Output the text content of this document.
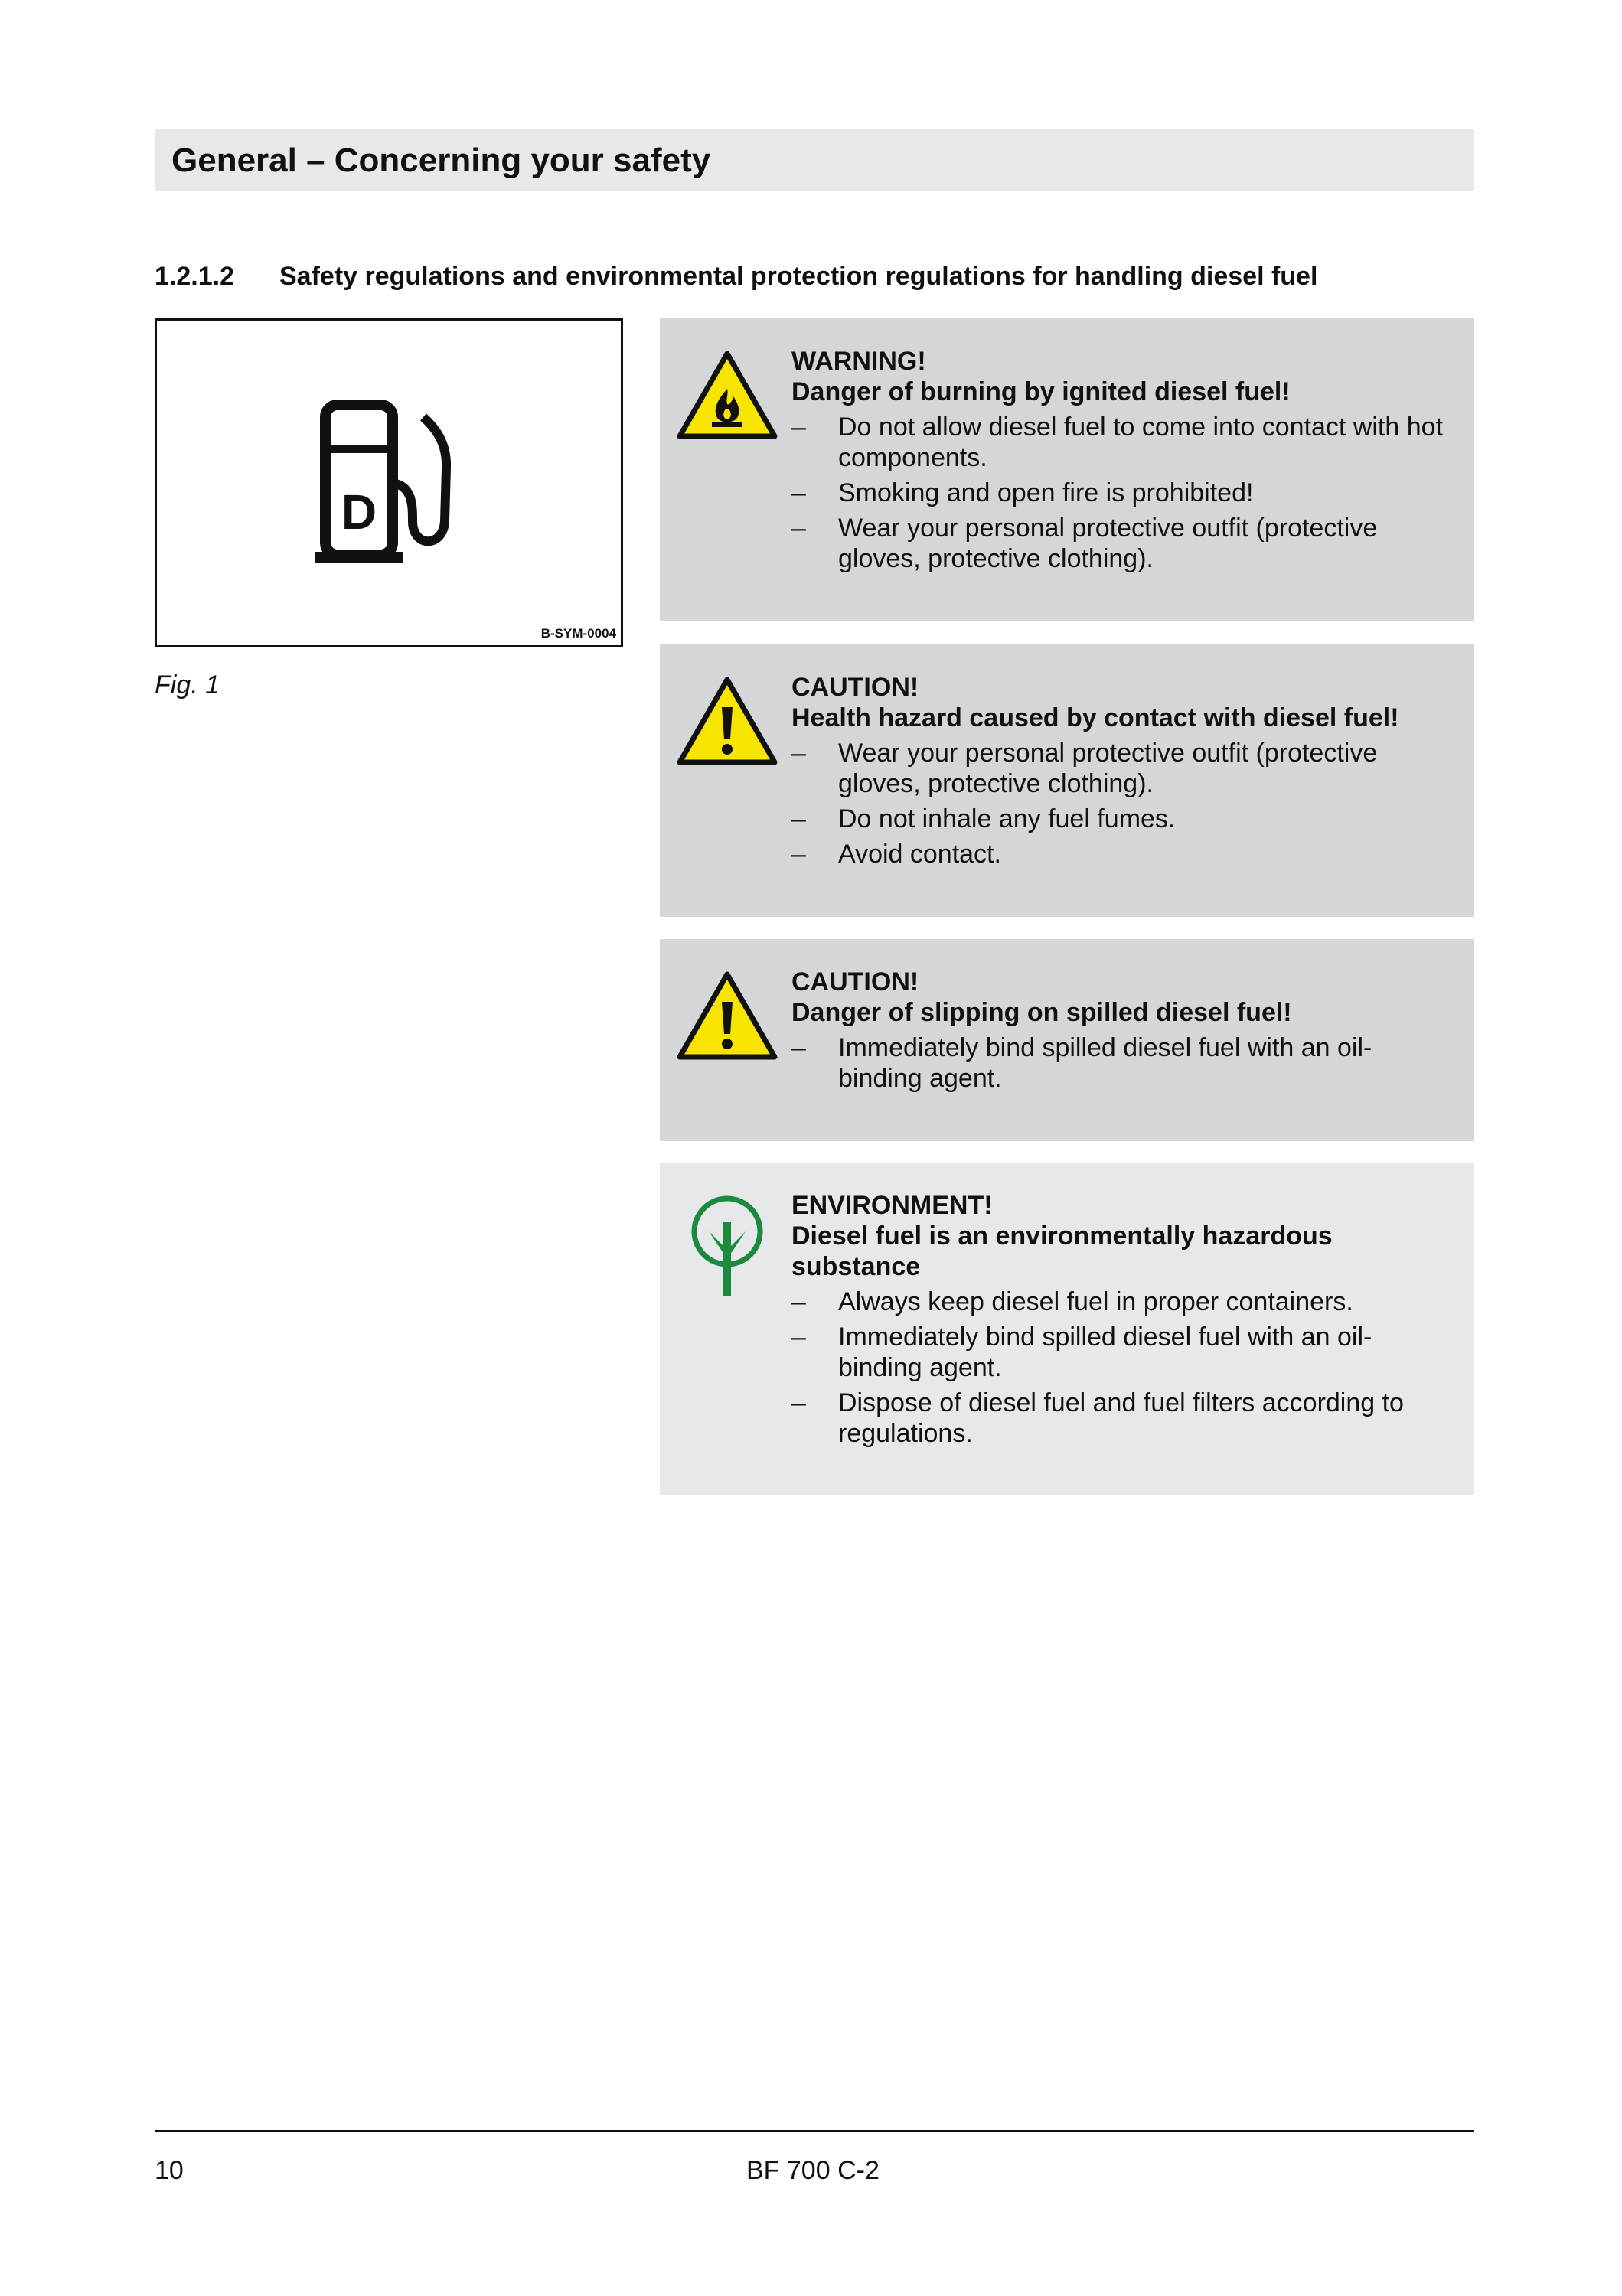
General – Concerning your safety
1.2.1.2 Safety regulations and environmental protection regulations for handling diesel fuel
D
B-SYM-0004
Fig. 1
WARNING!
Danger of burning by ignited diesel fuel!
– Do not allow diesel fuel to come into contact with hot components.
– Smoking and open fire is prohibited!
– Wear your personal protective outfit (protective gloves, protective clothing).
CAUTION!
Health hazard caused by contact with diesel fuel!
– Wear your personal protective outfit (protective gloves, protective clothing).
– Do not inhale any fuel fumes.
– Avoid contact.
CAUTION!
Danger of slipping on spilled diesel fuel!
– Immediately bind spilled diesel fuel with an oil-binding agent.
ENVIRONMENT!
Diesel fuel is an environmentally hazardous substance
– Always keep diesel fuel in proper containers.
– Immediately bind spilled diesel fuel with an oil-binding agent.
– Dispose of diesel fuel and fuel filters according to regulations.
10	BF 700 C-2
